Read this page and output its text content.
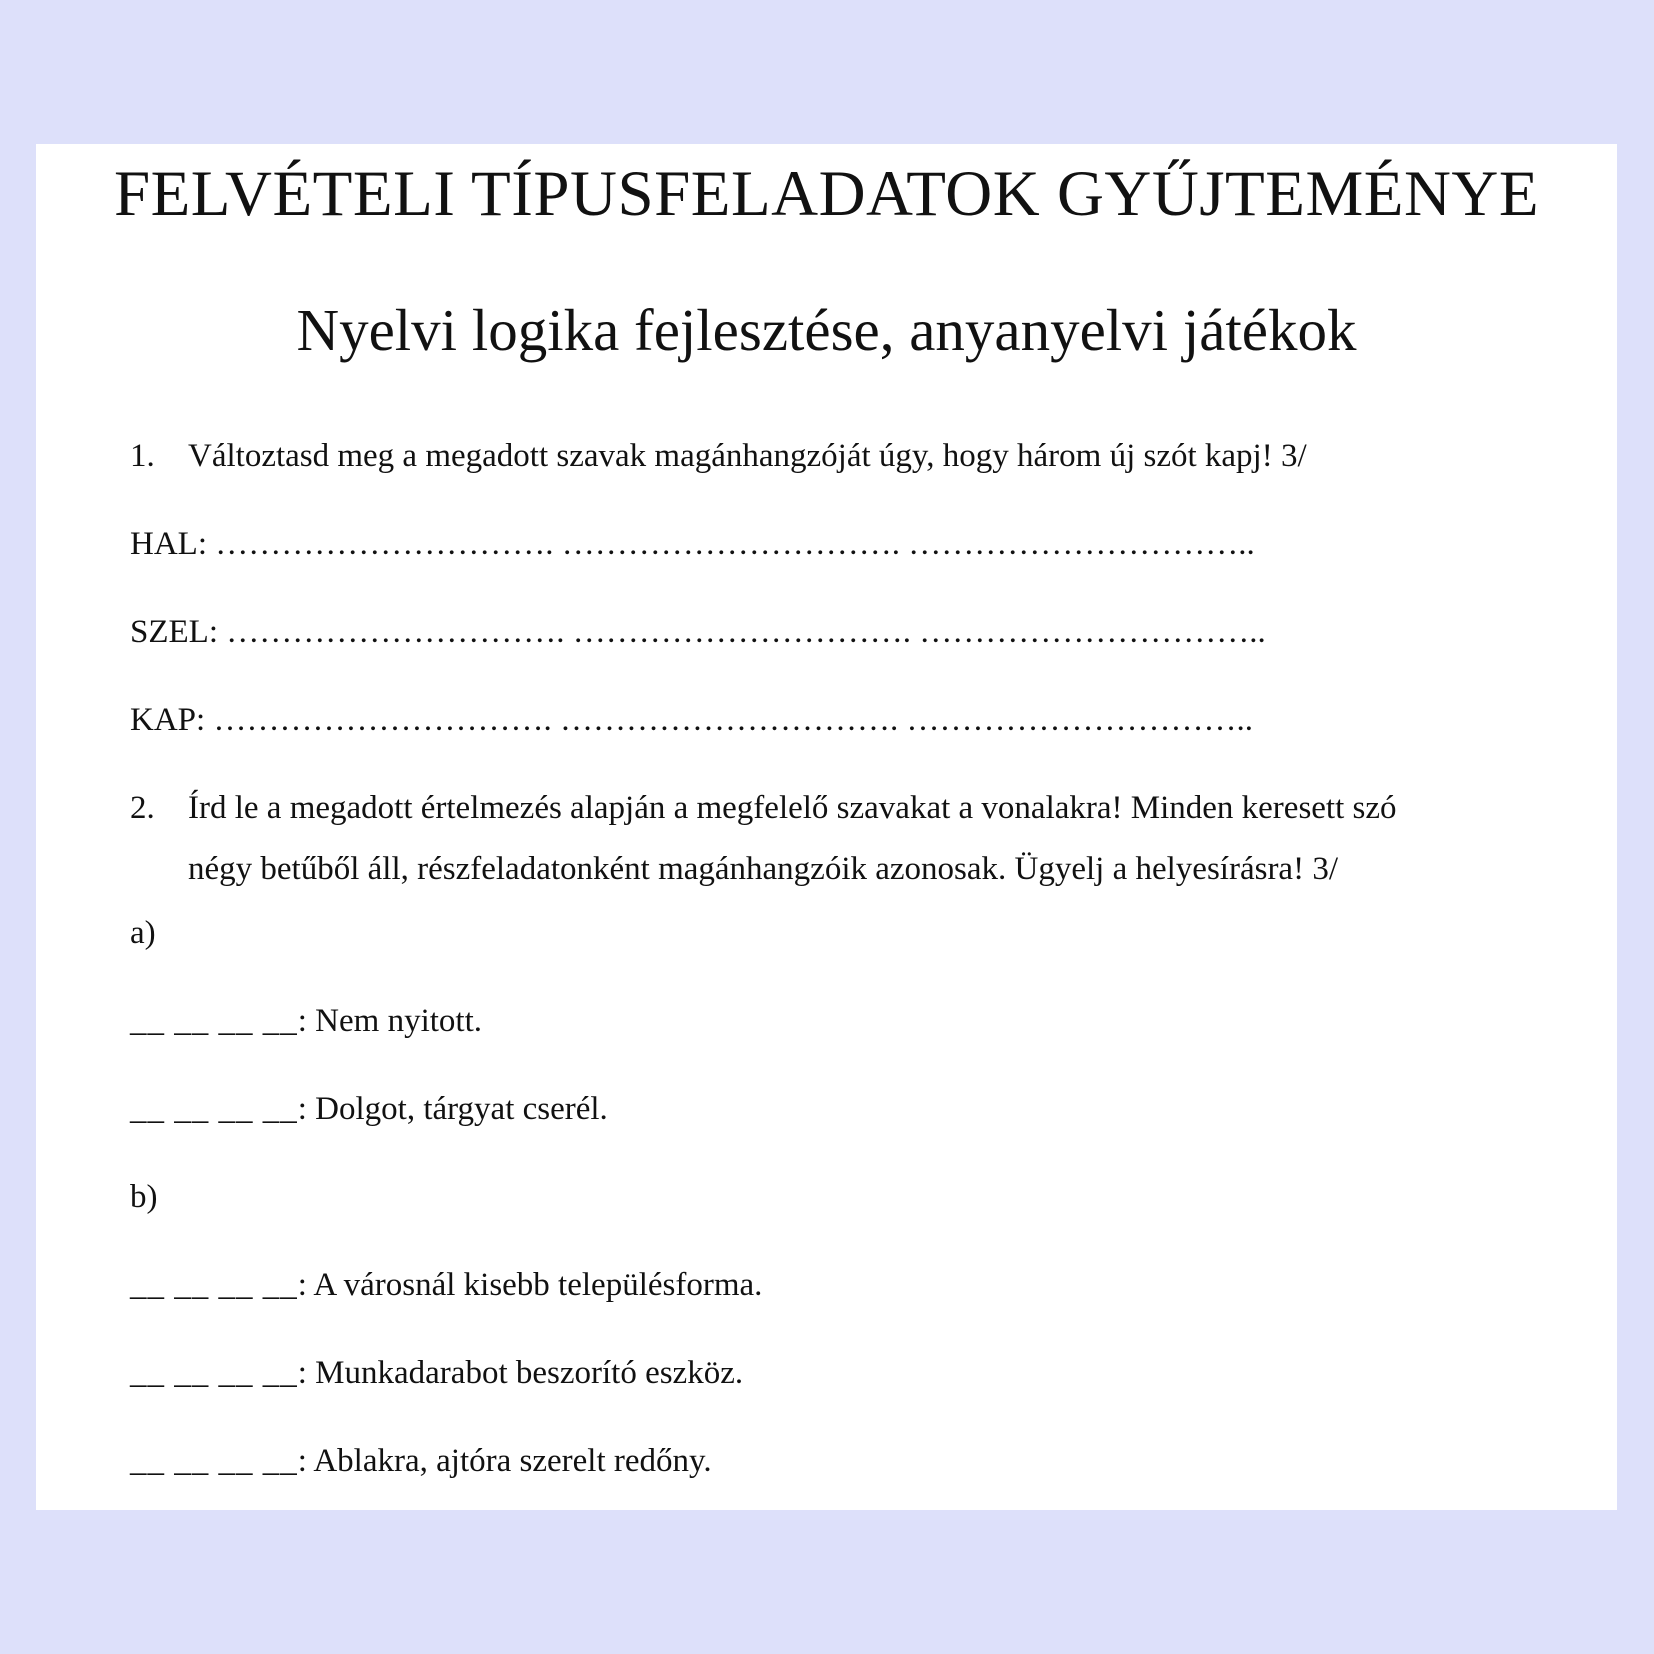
FELVÉTELI TÍPUSFELADATOK GYŰJTEMÉNYE
Nyelvi logika fejlesztése, anyanyelvi játékok
1. Változtasd meg a megadott szavak magánhangzóját úgy, hogy három új szót kapj! 3/
HAL: …………………………. …………………………. …………………………..
SZEL: …………………………. …………………………. …………………………..
KAP: …………………………. …………………………. …………………………..
2. Írd le a megadott értelmezés alapján a megfelelő szavakat a vonalakra! Minden keresett szó
négy betűből áll, részfeladatonként magánhangzóik azonosak. Ügyelj a helyesírásra! 3/
a)
__ __ __ __: Nem nyitott.
__ __ __ __: Dolgot, tárgyat cserél.
b)
__ __ __ __: A városnál kisebb településforma.
__ __ __ __: Munkadarabot beszorító eszköz.
__ __ __ __: Ablakra, ajtóra szerelt redőny.
